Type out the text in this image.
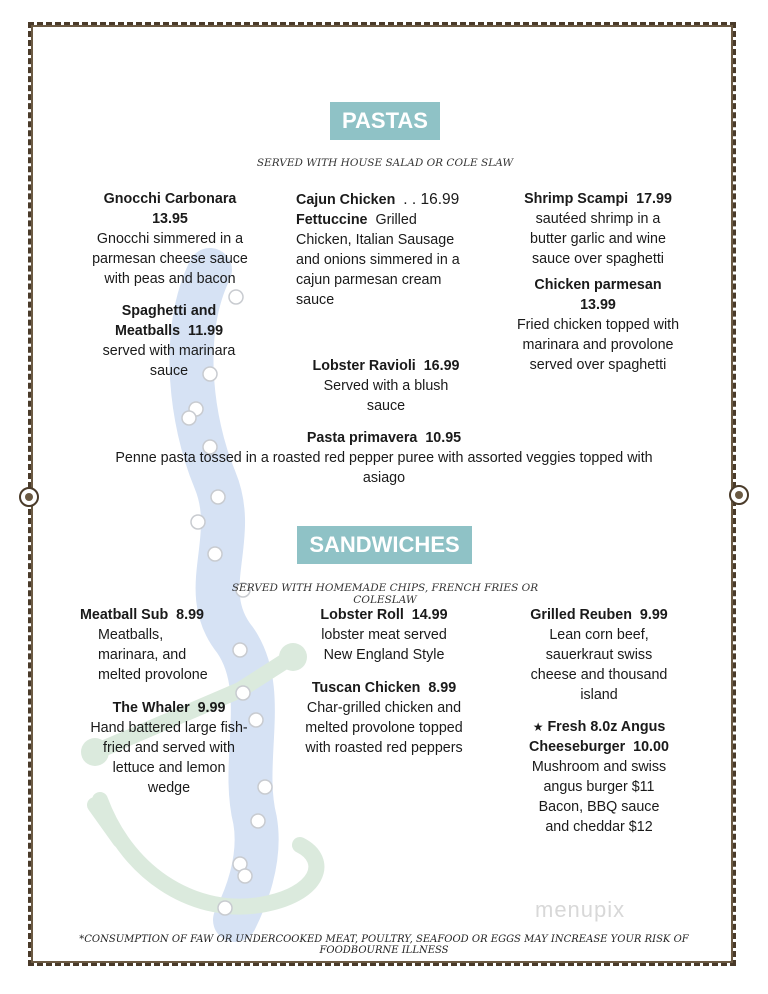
PASTAS
SERVED WITH HOUSE SALAD OR COLE SLAW
Gnocchi Carbonara
13.95
Gnocchi simmered in a parmesan cheese sauce with peas and bacon
Spaghetti and Meatballs 11.99
served with marinara sauce
Cajun Chicken . . 16.99
Fettuccine Grilled Chicken, Italian Sausage and onions simmered in a cajun parmesan cream sauce
Lobster Ravioli 16.99
Served with a blush sauce
Shrimp Scampi 17.99
sautéed shrimp in a butter garlic and wine sauce over spaghetti
Chicken parmesan
13.99
Fried chicken topped with marinara and provolone served over spaghetti
Pasta primavera 10.95
Penne pasta tossed in a roasted red pepper puree with assorted veggies topped with asiago
SANDWICHES
SERVED WITH HOMEMADE CHIPS, FRENCH FRIES OR COLESLAW
Meatball Sub 8.99
Meatballs, marinara, and melted provolone
The Whaler 9.99
Hand battered large fish-fried and served with lettuce and lemon wedge
Lobster Roll 14.99
lobster meat served New England Style
Tuscan Chicken 8.99
Char-grilled chicken and melted provolone topped with roasted red peppers
Grilled Reuben 9.99
Lean corn beef, sauerkraut swiss cheese and thousand island
★ Fresh 8.0z Angus Cheeseburger 10.00
Mushroom and swiss angus burger $11
Bacon, BBQ sauce and cheddar $12
menupix
*CONSUMPTION OF FAW OR UNDERCOOKED MEAT, POULTRY, SEAFOOD OR EGGS MAY INCREASE YOUR RISK OF FOODBOURNE ILLNESS
